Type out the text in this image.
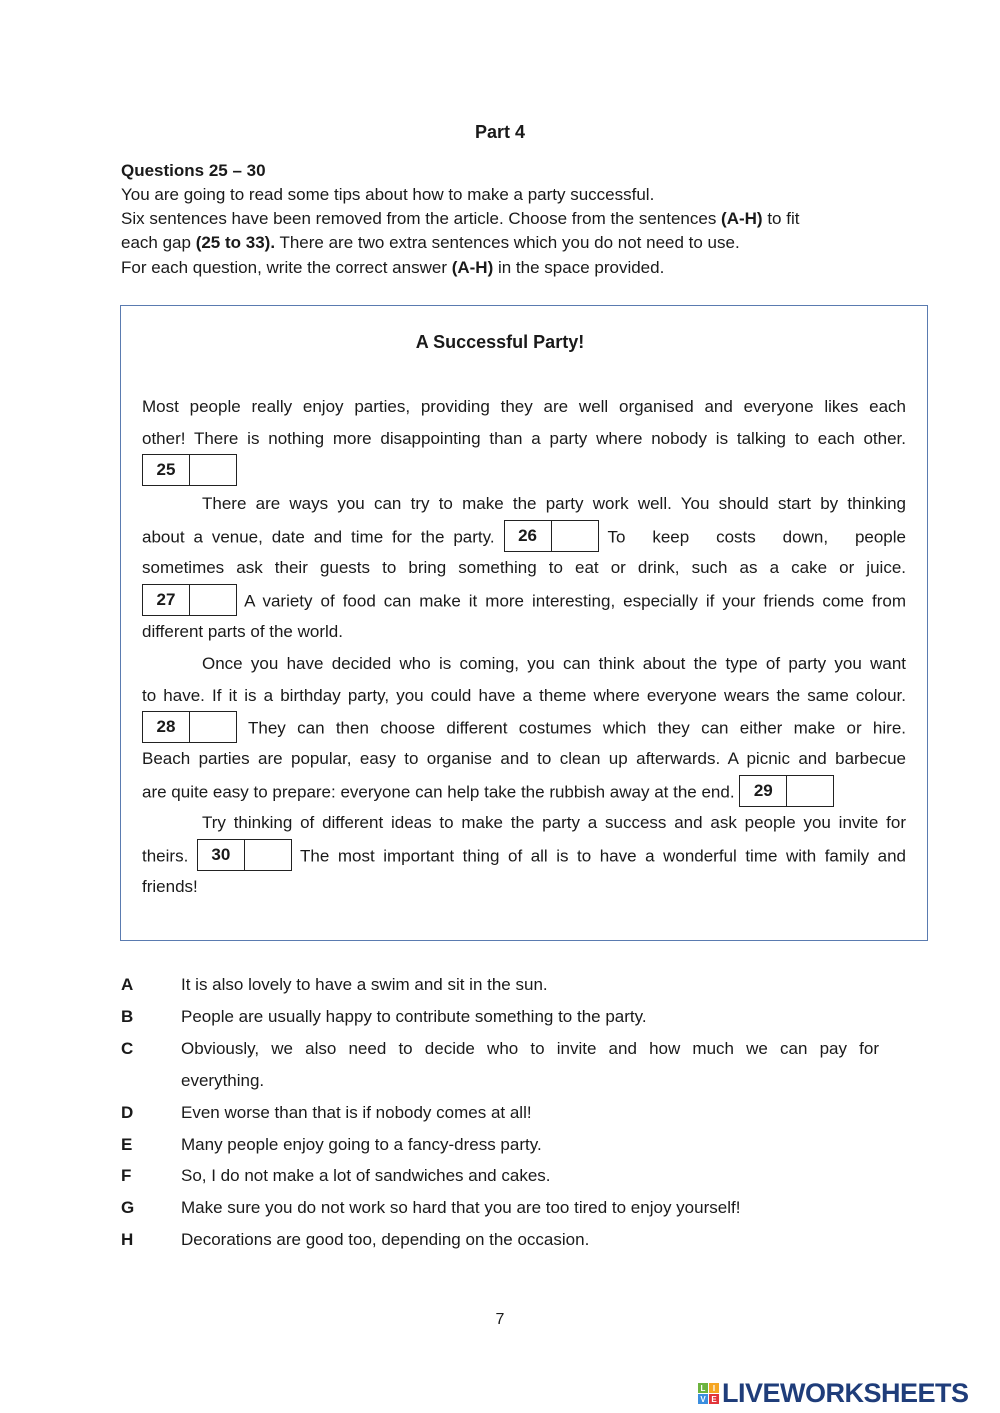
Part 4
Questions 25 – 30
You are going to read some tips about how to make a party successful.
Six sentences have been removed from the article. Choose from the sentences (A-H) to fit
each gap (25 to 33). There are two extra sentences which you do not need to use.
For each question, write the correct answer (A-H) in the space provided.
A Successful Party!
Most people really enjoy parties, providing they are well organised and everyone likes each
other! There is nothing more disappointing than a party where nobody is talking to each other.
25
There are ways you can try to make the party work well. You should start by thinking
about a venue, date and time for the party.	26	To keep costs down, people
sometimes ask their guests to bring something to eat or drink, such as a cake or juice.
27	A variety of food can make it more interesting, especially if your friends come from
different parts of the world.
Once you have decided who is coming, you can think about the type of party you want
to have. If it is a birthday party, you could have a theme where everyone wears the same colour.
28	They can then choose different costumes which they can either make or hire.
Beach parties are popular, easy to organise and to clean up afterwards. A picnic and barbecue
are quite easy to prepare: everyone can help take the rubbish away at the end.	29
Try thinking of different ideas to make the party a success and ask people you invite for
theirs.	30	The most important thing of all is to have a wonderful time with family and
friends!
A	It is also lovely to have a swim and sit in the sun.
B	People are usually happy to contribute something to the party.
C	Obviously, we also need to decide who to invite and how much we can pay for
everything.
D	Even worse than that is if nobody comes at all!
E	Many people enjoy going to a fancy-dress party.
F	So, I do not make a lot of sandwiches and cakes.
G	Make sure you do not work so hard that you are too tired to enjoy yourself!
H	Decorations are good too, depending on the occasion.
7
L I
V E LIVEWORKSHEETS
